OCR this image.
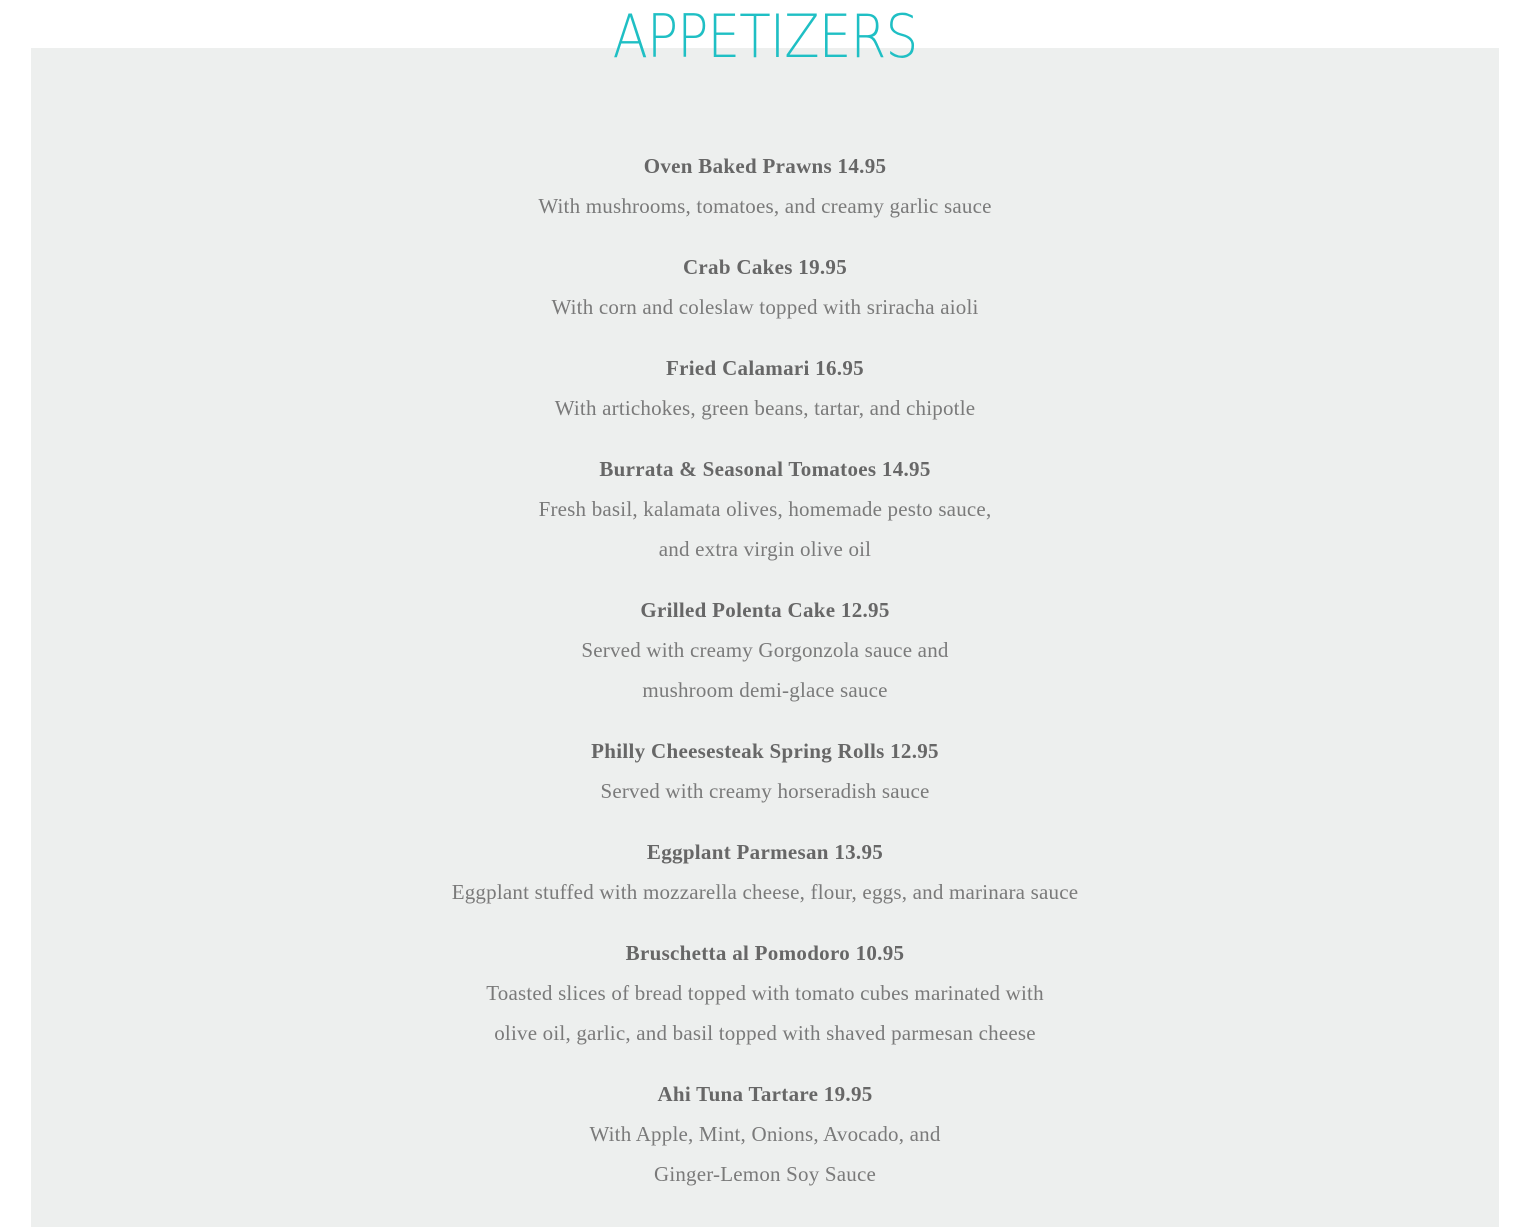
APPETIZERS
Oven Baked Prawns 14.95
With mushrooms, tomatoes, and creamy garlic sauce
Crab Cakes 19.95
With corn and coleslaw topped with sriracha aioli
Fried Calamari 16.95
With artichokes, green beans, tartar, and chipotle
Burrata & Seasonal Tomatoes 14.95
Fresh basil, kalamata olives, homemade pesto sauce,
and extra virgin olive oil
Grilled Polenta Cake 12.95
Served with creamy Gorgonzola sauce and
mushroom demi-glace sauce
Philly Cheesesteak Spring Rolls 12.95
Served with creamy horseradish sauce
Eggplant Parmesan 13.95
Eggplant stuffed with mozzarella cheese, flour, eggs, and marinara sauce
Bruschetta al Pomodoro 10.95
Toasted slices of bread topped with tomato cubes marinated with
olive oil, garlic, and basil topped with shaved parmesan cheese
Ahi Tuna Tartare 19.95
With Apple, Mint, Onions, Avocado, and
Ginger-Lemon Soy Sauce
